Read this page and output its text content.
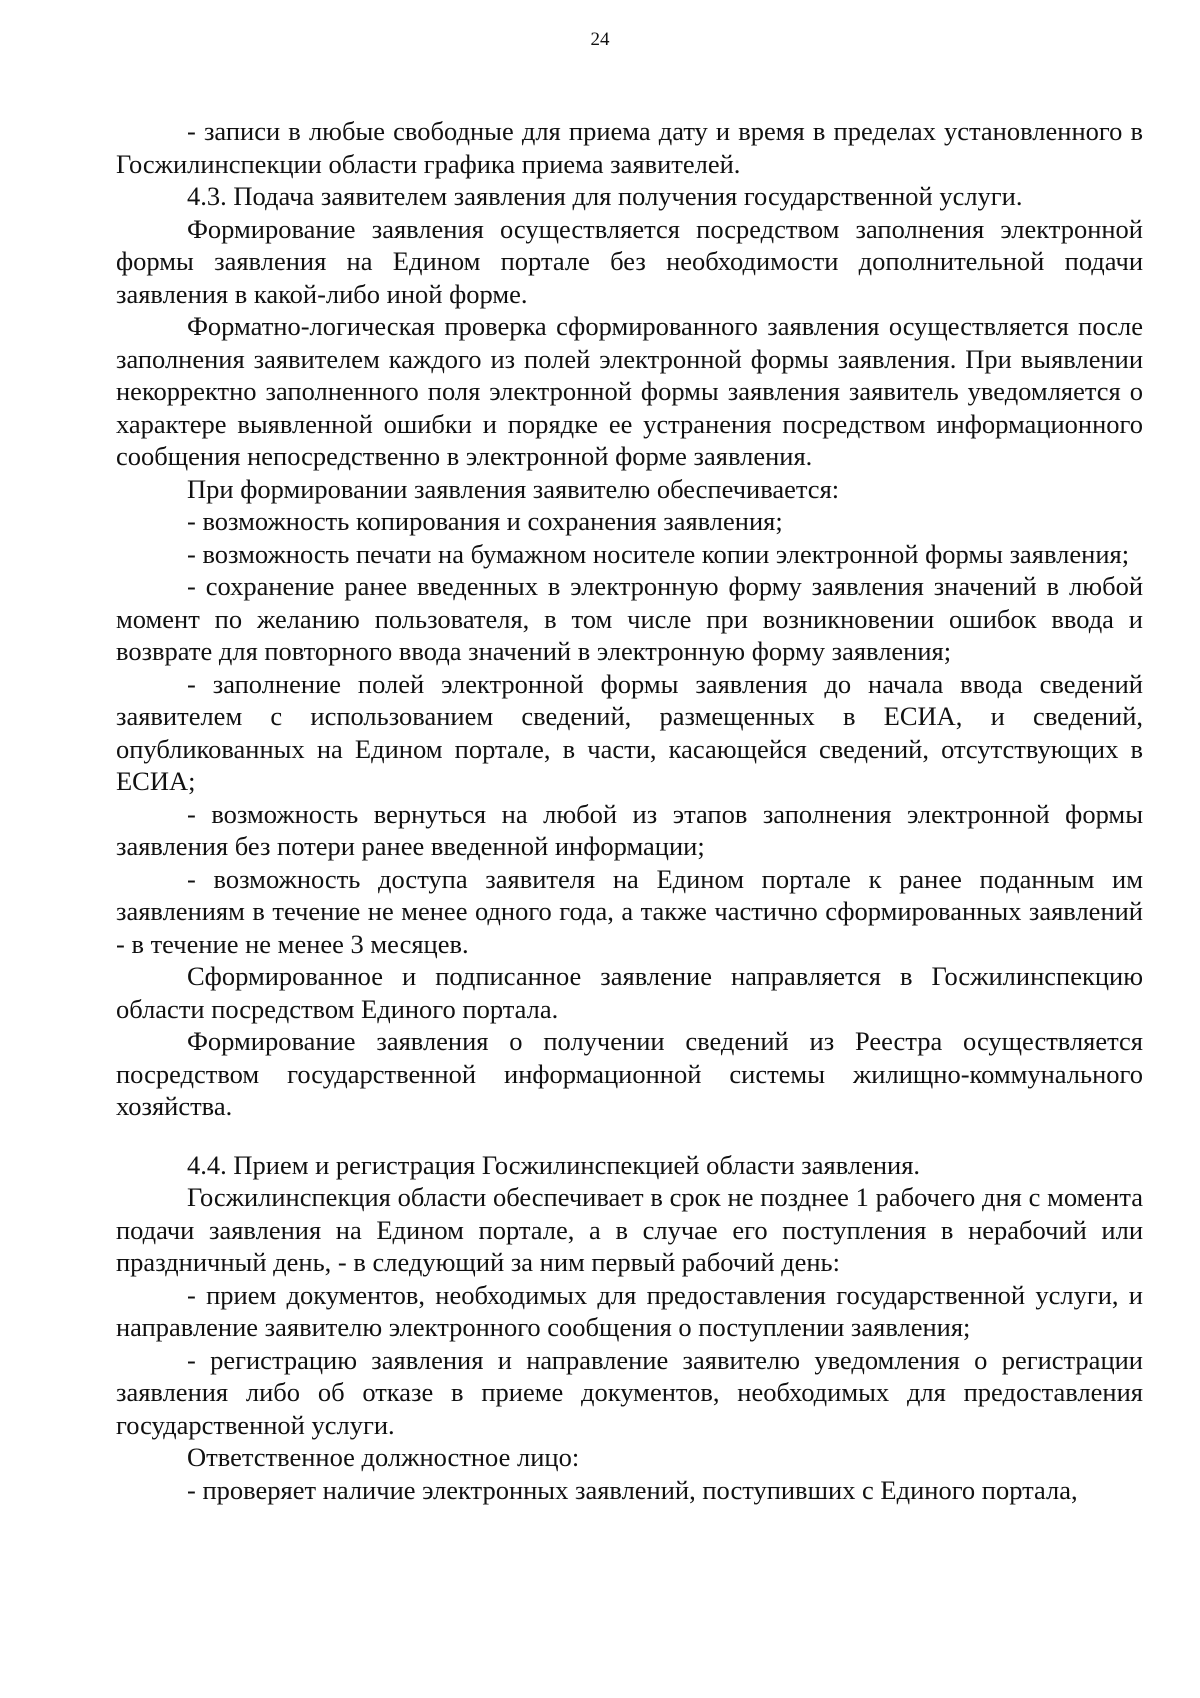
24

- записи в любые свободные для приема дату и время в пределах установленного в Госжилинспекции области графика приема заявителей.

4.3. Подача заявителем заявления для получения государственной услуги.

Формирование заявления осуществляется посредством заполнения электронной формы заявления на Едином портале без необходимости дополнительной подачи заявления в какой-либо иной форме.

Форматно-логическая проверка сформированного заявления осуществляется после заполнения заявителем каждого из полей электронной формы заявления. При выявлении некорректно заполненного поля электронной формы заявления заявитель уведомляется о характере выявленной ошибки и порядке ее устранения посредством информационного сообщения непосредственно в электронной форме заявления.

При формировании заявления заявителю обеспечивается:

- возможность копирования и сохранения заявления;

- возможность печати на бумажном носителе копии электронной формы заявления;

- сохранение ранее введенных в электронную форму заявления значений в любой момент по желанию пользователя, в том числе при возникновении ошибок ввода и возврате для повторного ввода значений в электронную форму заявления;

- заполнение полей электронной формы заявления до начала ввода сведений заявителем с использованием сведений, размещенных в ЕСИА, и сведений, опубликованных на Едином портале, в части, касающейся сведений, отсутствующих в ЕСИА;

- возможность вернуться на любой из этапов заполнения электронной формы заявления без потери ранее введенной информации;

- возможность доступа заявителя на Едином портале к ранее поданным им заявлениям в течение не менее одного года, а также частично сформированных заявлений - в течение не менее 3 месяцев.

Сформированное и подписанное заявление направляется в Госжилинспекцию области посредством Единого портала.

Формирование заявления о получении сведений из Реестра осуществляется посредством государственной информационной системы жилищно-коммунального хозяйства.

4.4. Прием и регистрация Госжилинспекцией области заявления.

Госжилинспекция области обеспечивает в срок не позднее 1 рабочего дня с момента подачи заявления на Едином портале, а в случае его поступления в нерабочий или праздничный день, - в следующий за ним первый рабочий день:

- прием документов, необходимых для предоставления государственной услуги, и направление заявителю электронного сообщения о поступлении заявления;

- регистрацию заявления и направление заявителю уведомления о регистрации заявления либо об отказе в приеме документов, необходимых для предоставления государственной услуги.

Ответственное должностное лицо:

- проверяет наличие электронных заявлений, поступивших с Единого портала,
